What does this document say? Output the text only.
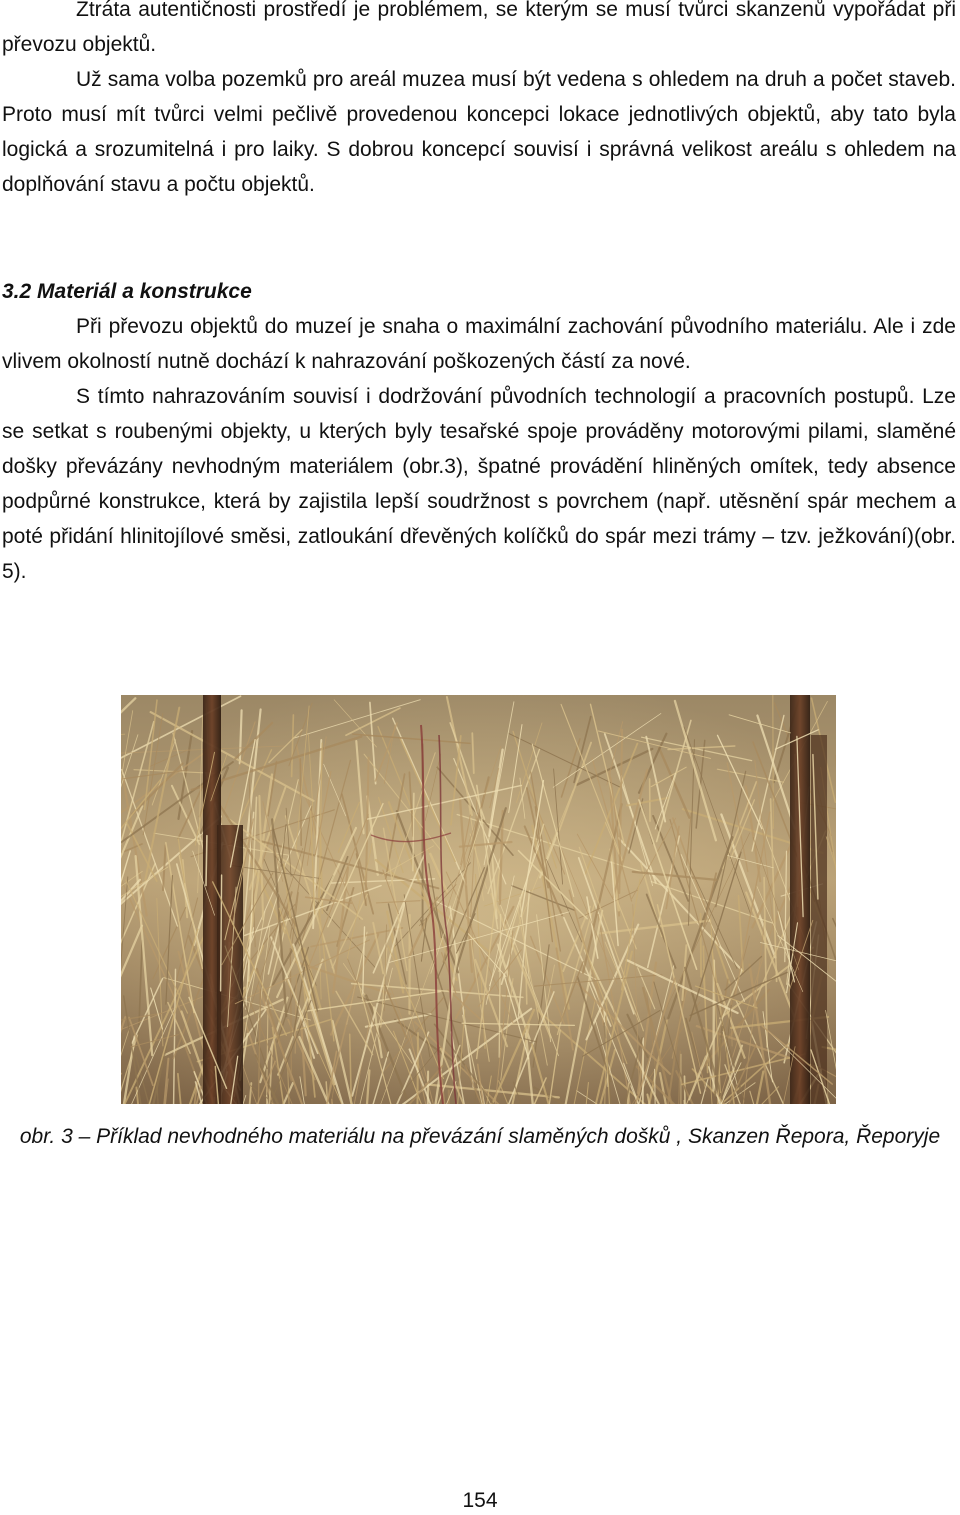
Ztráta autentičnosti prostředí je problémem, se kterým se musí tvůrci skanzenů vypořádat při převozu objektů.

Už sama volba pozemků pro areál muzea musí být vedena s ohledem na druh a počet staveb. Proto musí mít tvůrci velmi pečlivě provedenou koncepci lokace jednotlivých objektů, aby tato byla logická a srozumitelná i pro laiky. S dobrou koncepcí souvisí i správná velikost areálu s ohledem na doplňování stavu a počtu objektů.

3.2 Materiál a konstrukce

Při převozu objektů do muzeí je snaha o maximální zachování původního materiálu. Ale i zde vlivem okolností nutně dochází k nahrazování poškozených částí za nové.

S tímto nahrazováním souvisí i dodržování původních technologií a pracovních postupů. Lze se setkat s roubenými objekty, u kterých byly tesařské spoje prováděny motorovými pilami, slaměné došky převázány nevhodným materiálem (obr.3), špatné provádění hliněných omítek, tedy absence podpůrné konstrukce, která by zajistila lepší soudržnost s povrchem (např. utěsnění spár mechem a poté přidání hlinitojílové směsi, zatloukání dřevěných kolíčků do spár mezi trámy – tzv. ježkování)(obr. 5).

obr. 3 – Příklad nevhodného materiálu na převázání slaměných došků , Skanzen Řepora, Řeporyje
154
